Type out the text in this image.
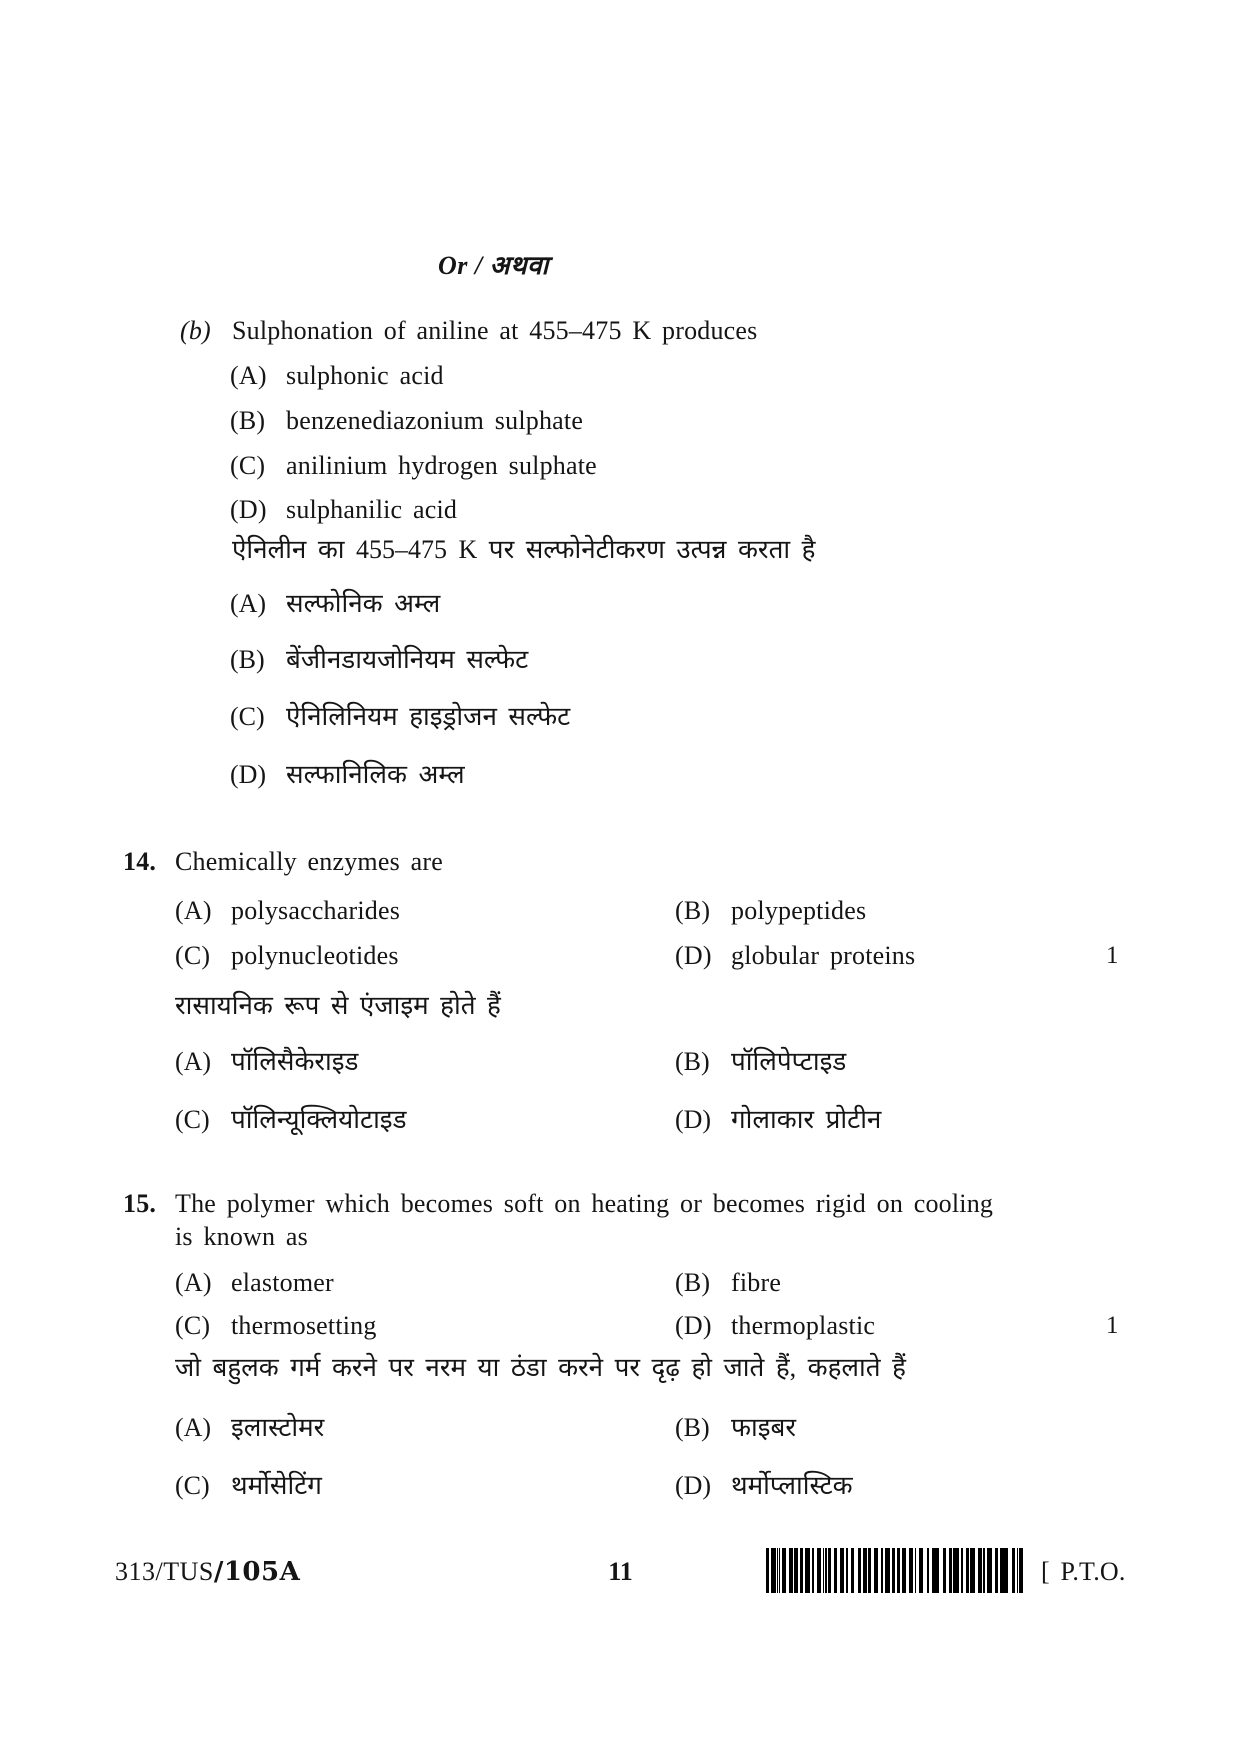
Or / अथवा
(b) Sulphonation of aniline at 455–475 K produces
(A) sulphonic acid
(B) benzenediazonium sulphate
(C) anilinium hydrogen sulphate
(D) sulphanilic acid
ऐनिलीन का 455–475 K पर सल्फोनेटीकरण उत्पन्न करता है
(A) सल्फोनिक अम्ल
(B) बेंजीनडायजोनियम सल्फेट
(C) ऐनिलिनियम हाइड्रोजन सल्फेट
(D) सल्फानिलिक अम्ल
14. Chemically enzymes are
(A) polysaccharides	(B) polypeptides
(C) polynucleotides	(D) globular proteins	1
रासायनिक रूप से एंजाइम होते हैं
(A) पॉलिसैकेराइड	(B) पॉलिपेप्टाइड
(C) पॉलिन्यूक्लियोटाइड	(D) गोलाकार प्रोटीन
15. The polymer which becomes soft on heating or becomes rigid on cooling
is known as
(A) elastomer	(B) fibre
(C) thermosetting	(D) thermoplastic	1
जो बहुलक गर्म करने पर नरम या ठंडा करने पर दृढ़ हो जाते हैं, कहलाते हैं
(A) इलास्टोमर	(B) फाइबर
(C) थर्मोसेटिंग	(D) थर्मोप्लास्टिक
313/TUS/105A	11	[ P.T.O.
